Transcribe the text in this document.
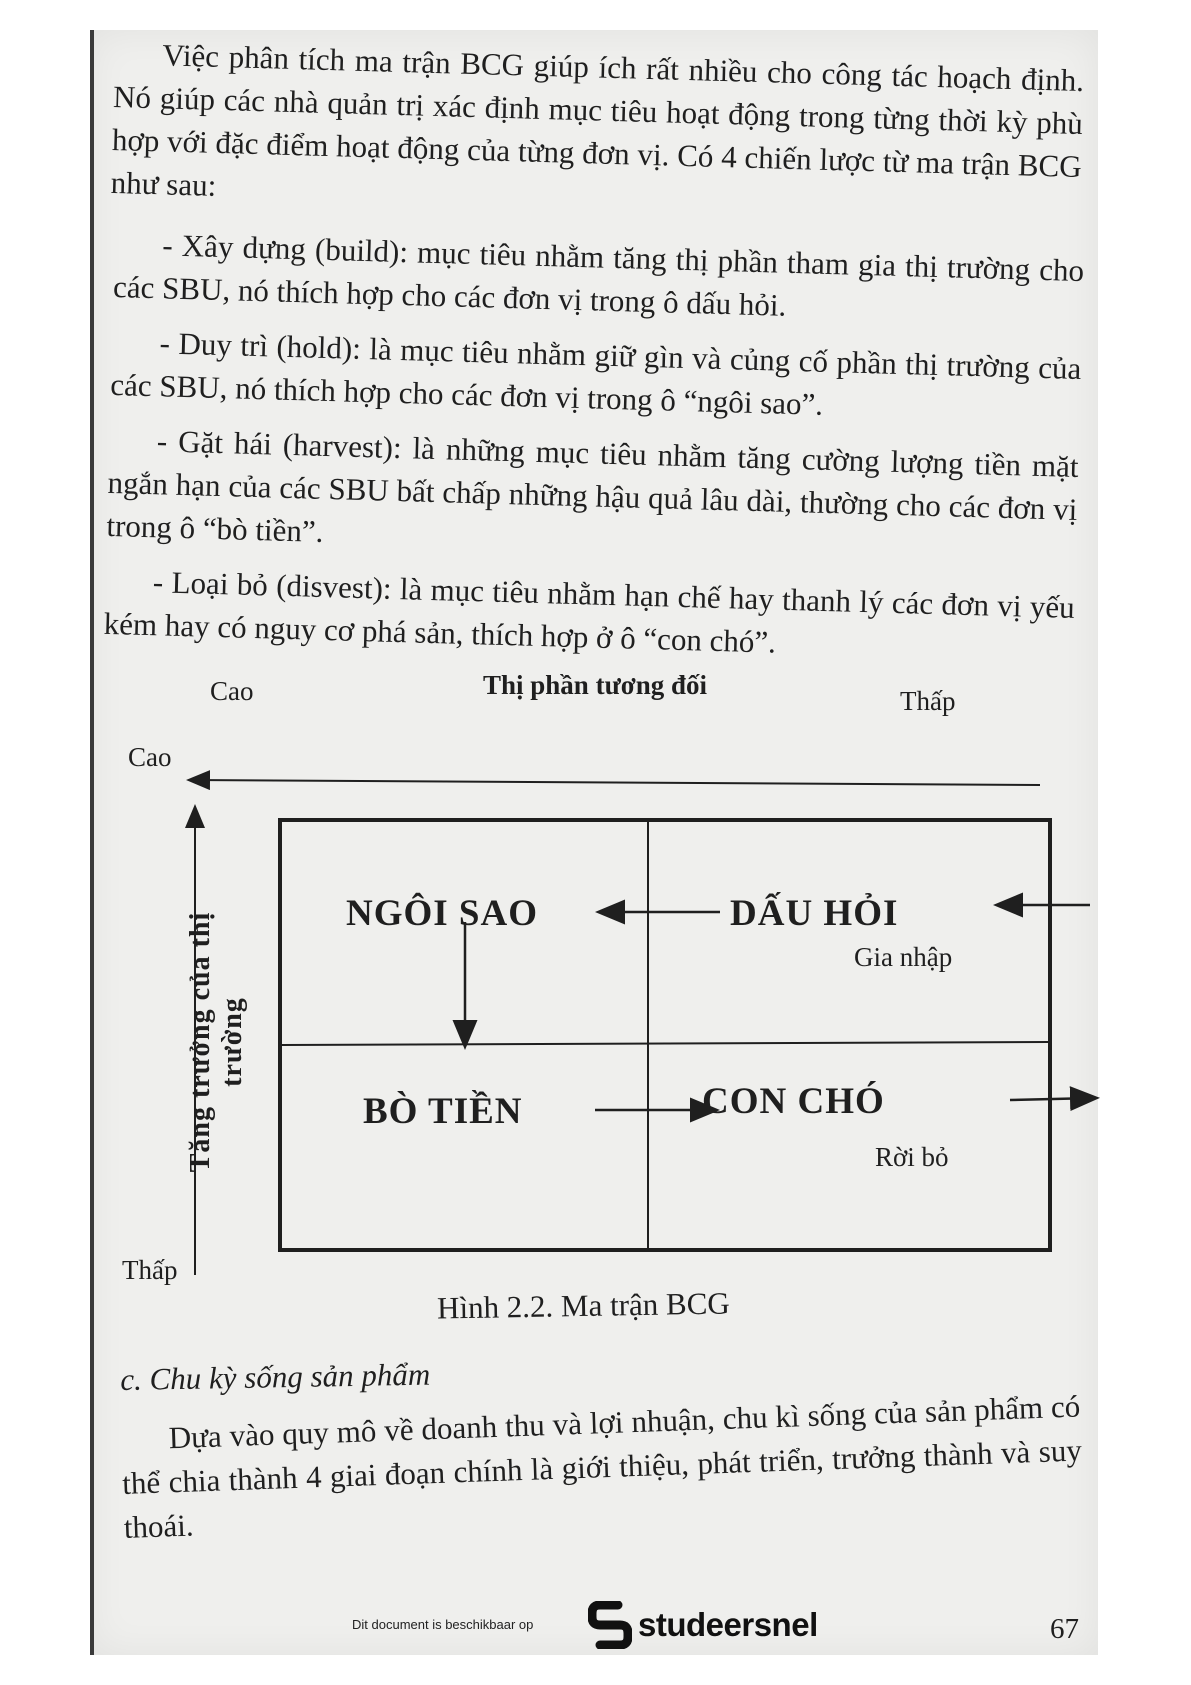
Việc phân tích ma trận BCG giúp ích rất nhiều cho công tác hoạch định. Nó giúp các nhà quản trị xác định mục tiêu hoạt động trong từng thời kỳ phù hợp với đặc điểm hoạt động của từng đơn vị. Có 4 chiến lược từ ma trận BCG như sau:

- Xây dựng (build): mục tiêu nhằm tăng thị phần tham gia thị trường cho các SBU, nó thích hợp cho các đơn vị trong ô dấu hỏi.

- Duy trì (hold): là mục tiêu nhằm giữ gìn và củng cố phần thị trường của các SBU, nó thích hợp cho các đơn vị trong ô “ngôi sao”.

- Gặt hái (harvest): là những mục tiêu nhằm tăng cường lượng tiền mặt ngắn hạn của các SBU bất chấp những hậu quả lâu dài, thường cho các đơn vị trong ô “bò tiền”.

- Loại bỏ (disvest): là mục tiêu nhằm hạn chế hay thanh lý các đơn vị yếu kém hay có nguy cơ phá sản, thích hợp ở ô “con chó”.

Cao	Thị phần tương đối
Thấp
Cao
Tăng trưởng của thị trường
Thấp
NGÔI SAO	DẤU HỎI
Gia nhập
BÒ TIỀN	CON CHÓ
Rời bỏ
Hình 2.2. Ma trận BCG
c. Chu kỳ sống sản phẩm
Dựa vào quy mô về doanh thu và lợi nhuận, chu kì sống của sản phẩm có thể chia thành 4 giai đoạn chính là giới thiệu, phát triển, trưởng thành và suy thoái.
Dit document is beschikbaar op	studeersnel	67
